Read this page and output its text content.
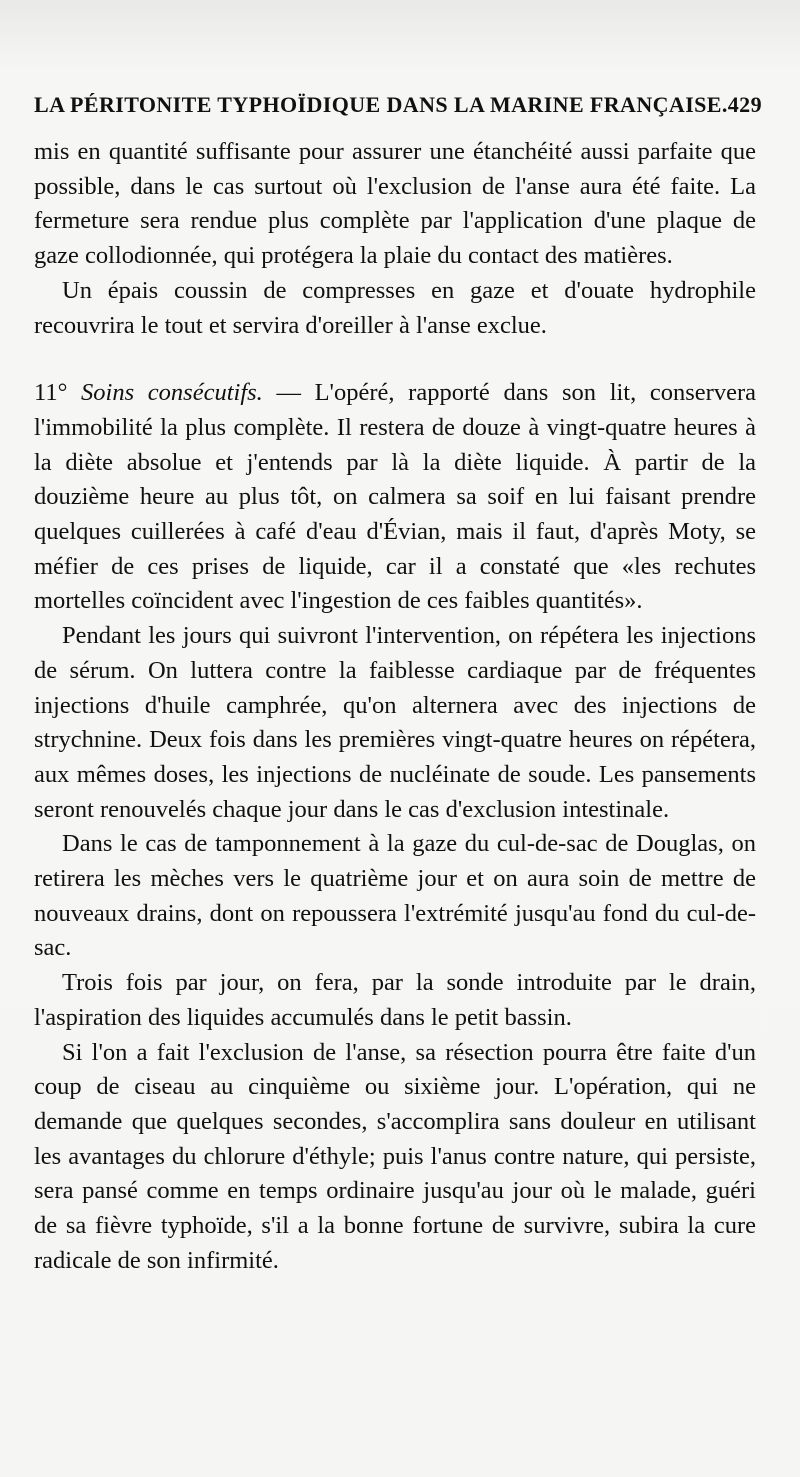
LA PÉRITONITE TYPHOÏDIQUE DANS LA MARINE FRANÇAISE. 429

mis en quantité suffisante pour assurer une étanchéité aussi parfaite que possible, dans le cas surtout où l'exclusion de l'anse aura été faite. La fermeture sera rendue plus complète par l'application d'une plaque de gaze collodionnée, qui protégera la plaie du contact des matières.

Un épais coussin de compresses en gaze et d'ouate hydrophile recouvrira le tout et servira d'oreiller à l'anse exclue.

11° Soins consécutifs. — L'opéré, rapporté dans son lit, conservera l'immobilité la plus complète. Il restera de douze à vingt-quatre heures à la diète absolue et j'entends par là la diète liquide. À partir de la douzième heure au plus tôt, on calmera sa soif en lui faisant prendre quelques cuillerées à café d'eau d'Évian, mais il faut, d'après Moty, se méfier de ces prises de liquide, car il a constaté que «les rechutes mortelles coïncident avec l'ingestion de ces faibles quantités».

Pendant les jours qui suivront l'intervention, on répétera les injections de sérum. On luttera contre la faiblesse cardiaque par de fréquentes injections d'huile camphrée, qu'on alternera avec des injections de strychnine. Deux fois dans les premières vingt-quatre heures on répétera, aux mêmes doses, les injections de nucléinate de soude. Les pansements seront renouvelés chaque jour dans le cas d'exclusion intestinale.

Dans le cas de tamponnement à la gaze du cul-de-sac de Douglas, on retirera les mèches vers le quatrième jour et on aura soin de mettre de nouveaux drains, dont on repoussera l'extrémité jusqu'au fond du cul-de-sac.

Trois fois par jour, on fera, par la sonde introduite par le drain, l'aspiration des liquides accumulés dans le petit bassin.

Si l'on a fait l'exclusion de l'anse, sa résection pourra être faite d'un coup de ciseau au cinquième ou sixième jour. L'opération, qui ne demande que quelques secondes, s'accomplira sans douleur en utilisant les avantages du chlorure d'éthyle; puis l'anus contre nature, qui persiste, sera pansé comme en temps ordinaire jusqu'au jour où le malade, guéri de sa fièvre typhoïde, s'il a la bonne fortune de survivre, subira la cure radicale de son infirmité.
